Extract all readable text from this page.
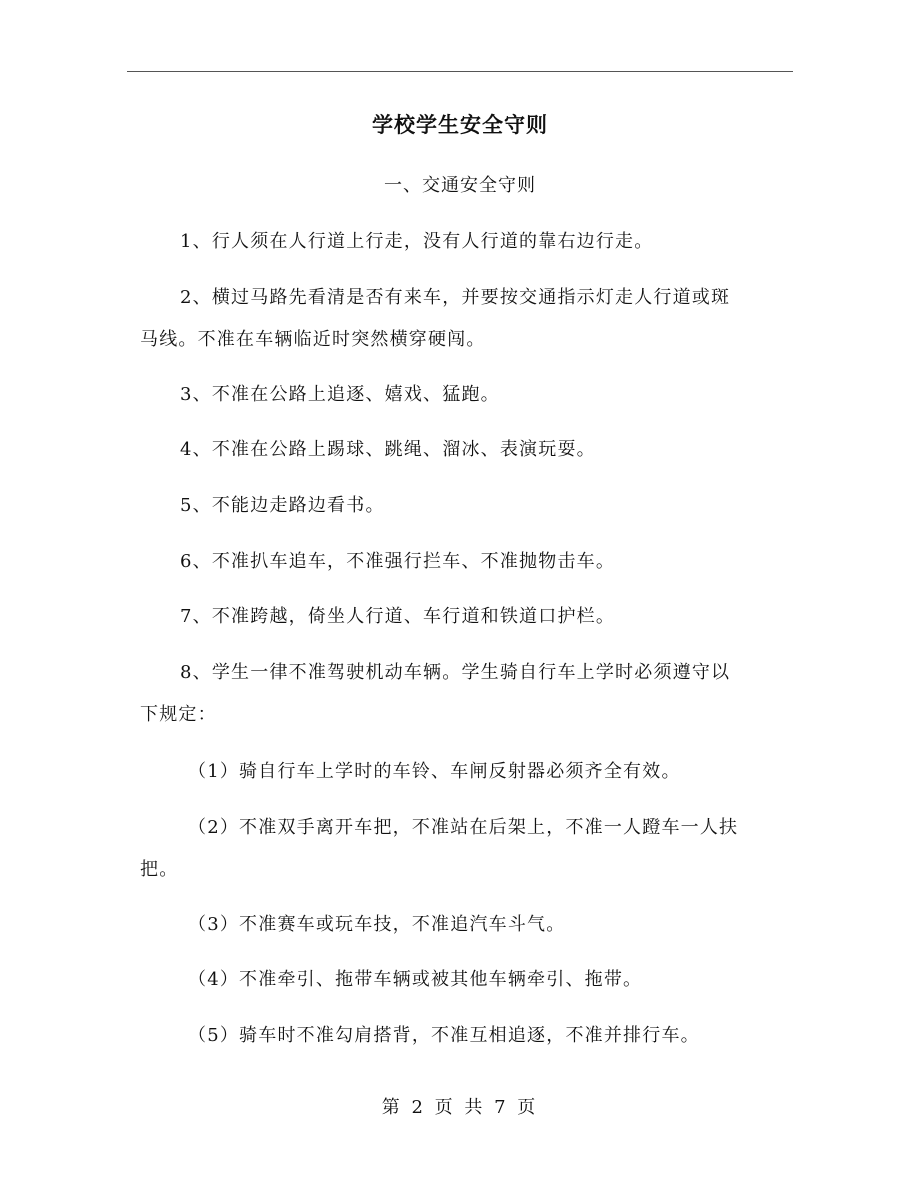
学校学生安全守则
一、交通安全守则
1、行人须在人行道上行走，没有人行道的靠右边行走。
2、横过马路先看清是否有来车，并要按交通指示灯走人行道或斑
马线。不准在车辆临近时突然横穿硬闯。
3、不准在公路上追逐、嬉戏、猛跑。
4、不准在公路上踢球、跳绳、溜冰、表演玩耍。
5、不能边走路边看书。
6、不准扒车追车，不准强行拦车、不准抛物击车。
7、不准跨越，倚坐人行道、车行道和铁道口护栏。
8、学生一律不准驾驶机动车辆。学生骑自行车上学时必须遵守以
下规定：
（1）骑自行车上学时的车铃、车闸反射器必须齐全有效。
（2）不准双手离开车把，不准站在后架上，不准一人蹬车一人扶
把。
（3）不准赛车或玩车技，不准追汽车斗气。
（4）不准牵引、拖带车辆或被其他车辆牵引、拖带。
（5）骑车时不准勾肩搭背，不准互相追逐，不准并排行车。
第 2 页 共 7 页
